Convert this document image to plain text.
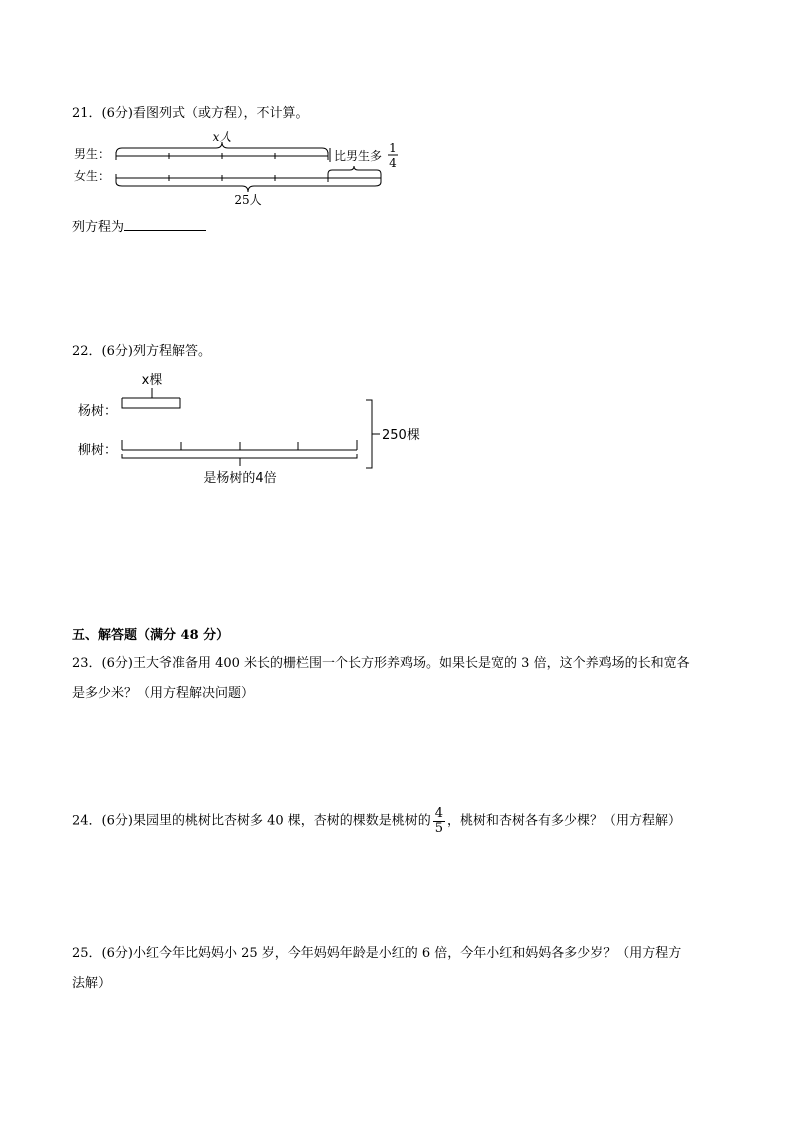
21．(6分)看图列式（或方程），不计算。
x人
男生：	比男生多
1
4
女生：
25人
列方程为
22．(6分)列方程解答。
x棵
杨树：
柳树：
是杨树的4倍
250棵
五、解答题（满分 48 分）
23．(6分)王大爷准备用 400 米长的栅栏围一个长方形养鸡场。如果长是宽的 3 倍，这个养鸡场的长和宽各
是多少米？（用方程解决问题）
24．(6分)果园里的桃树比杏树多 40 棵，杏树的棵数是桃树的 $\frac{4}{5}$ ，桃树和杏树各有多少棵？（用方程解）
25．(6分)小红今年比妈妈小 25 岁，今年妈妈年龄是小红的 6 倍，今年小红和妈妈各多少岁？（用方程方
法解）
